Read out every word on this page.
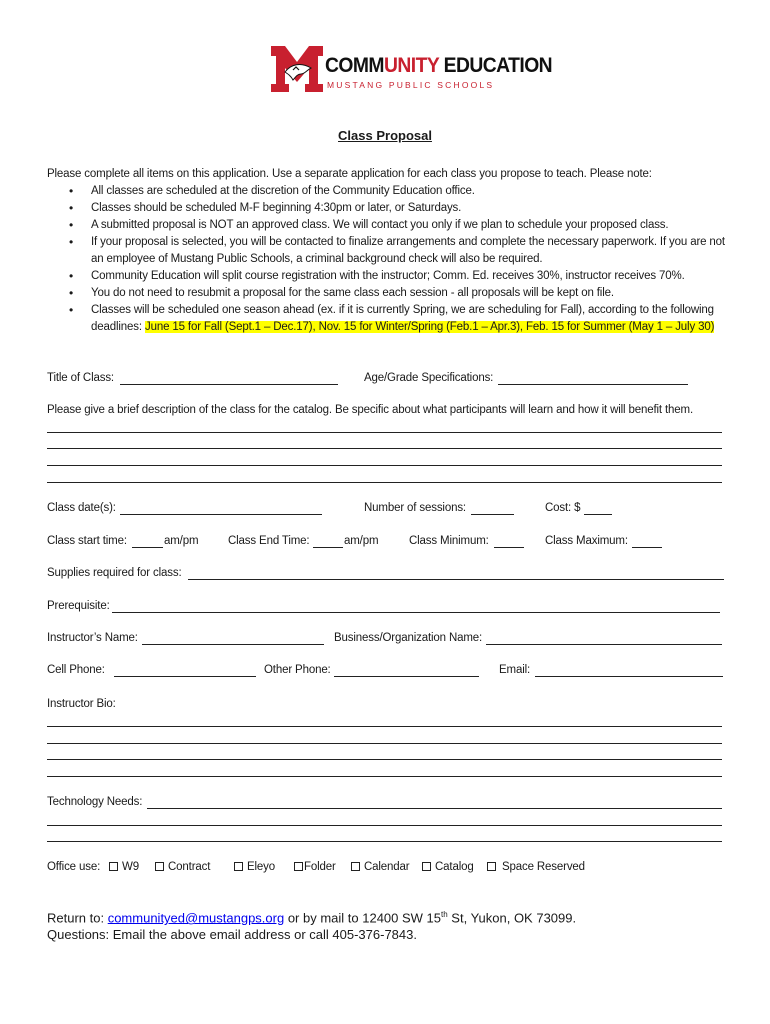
COMMUNITY EDUCATION
MUSTANG PUBLIC SCHOOLS
Class Proposal
Please complete all items on this application. Use a separate application for each class you propose to teach. Please note:
• All classes are scheduled at the discretion of the Community Education office.
• Classes should be scheduled M-F beginning 4:30pm or later, or Saturdays.
• A submitted proposal is NOT an approved class. We will contact you only if we plan to schedule your proposed class.
• If your proposal is selected, you will be contacted to finalize arrangements and complete the necessary paperwork. If you are not an employee of Mustang Public Schools, a criminal background check will also be required.
• Community Education will split course registration with the instructor; Comm. Ed. receives 30%, instructor receives 70%.
• You do not need to resubmit a proposal for the same class each session - all proposals will be kept on file.
• Classes will be scheduled one season ahead (ex. if it is currently Spring, we are scheduling for Fall), according to the following deadlines: June 15 for Fall (Sept.1 – Dec.17), Nov. 15 for Winter/Spring (Feb.1 – Apr.3), Feb. 15 for Summer (May 1 – July 30)
Title of Class:	Age/Grade Specifications:
Please give a brief description of the class for the catalog. Be specific about what participants will learn and how it will benefit them.
Class date(s):	Number of sessions:	Cost: $
Class start time:	am/pm	Class End Time:	am/pm	Class Minimum:	Class Maximum:
Supplies required for class:
Prerequisite:
Instructor’s Name:	Business/Organization Name:
Cell Phone:	Other Phone:	Email:
Instructor Bio:
Technology Needs:
Office use:	W9	Contract	Eleyo	Folder	Calendar	Catalog	Space Reserved
Return to: communityed@mustangps.org or by mail to 12400 SW 15th St, Yukon, OK 73099.
Questions: Email the above email address or call 405-376-7843.
